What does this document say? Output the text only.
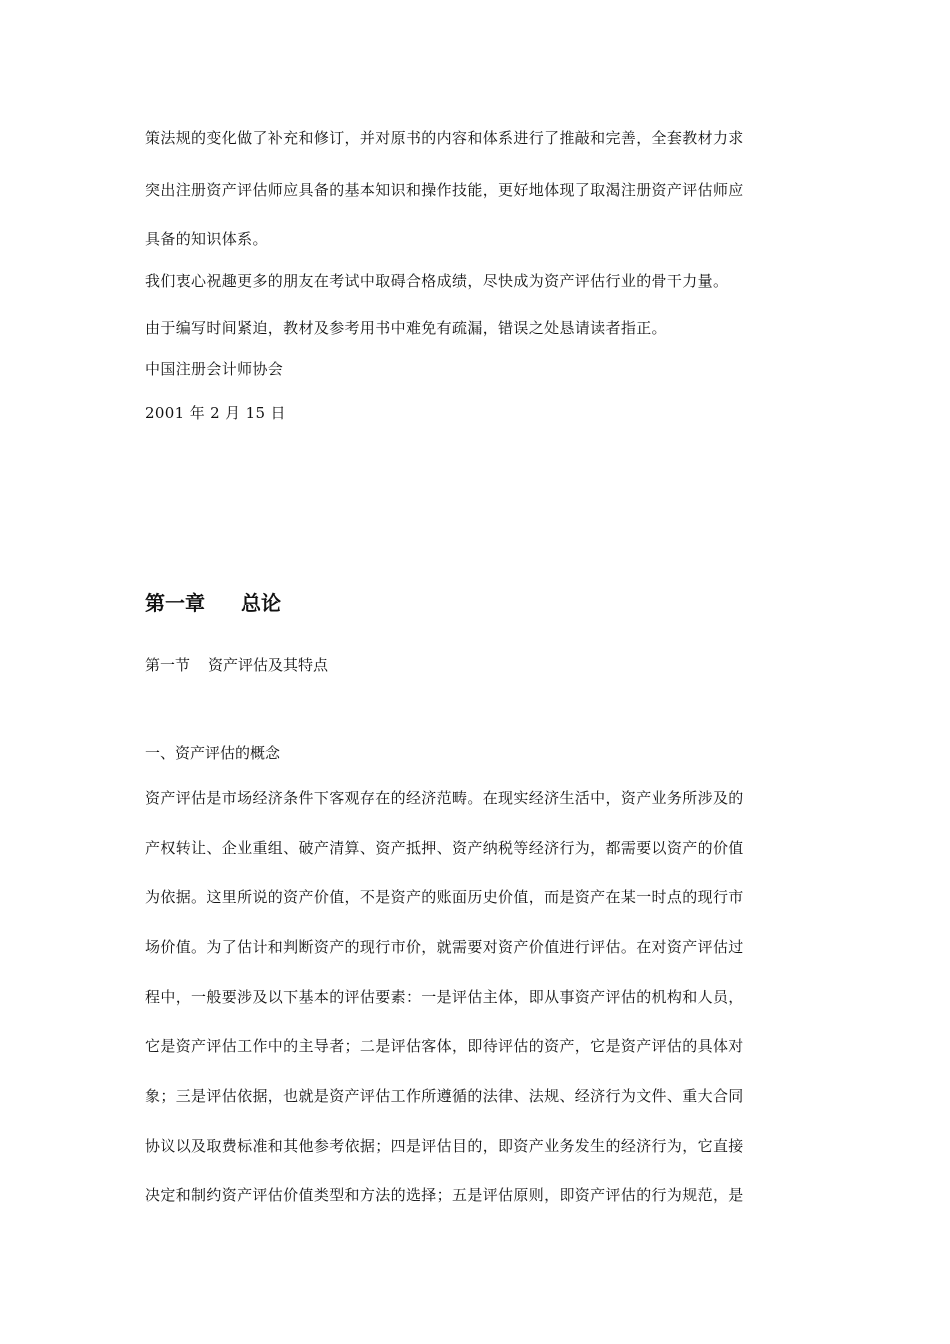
策法规的变化做了补充和修订，并对原书的内容和体系进行了推敲和完善，全套教材力求
突出注册资产评估师应具备的基本知识和操作技能，更好地体现了取渴注册资产评估师应
具备的知识体系。
我们衷心祝趣更多的朋友在考试中取碍合格成绩，尽快成为资产评估行业的骨干力量。
由于编写时间紧迫，教材及参考用书中难免有疏漏，错误之处恳请读者指正。
中国注册会计师协会
2001 年 2 月 15 日
第一章 总论
第一节 资产评估及其特点
一、资产评估的概念
资产评估是市场经济条件下客观存在的经济范畴。在现实经济生活中，资产业务所涉及的
产权转让、企业重组、破产清算、资产抵押、资产纳税等经济行为，都需要以资产的价值
为依据。这里所说的资产价值，不是资产的账面历史价值，而是资产在某一时点的现行市
场价值。为了估计和判断资产的现行市价，就需要对资产价值进行评估。在对资产评估过
程中，一般要涉及以下基本的评估要素：一是评估主体，即从事资产评估的机构和人员，
它是资产评估工作中的主导者；二是评估客体，即待评估的资产，它是资产评估的具体对
象；三是评估依据，也就是资产评估工作所遵循的法律、法规、经济行为文件、重大合同
协议以及取费标准和其他参考依据；四是评估目的，即资产业务发生的经济行为，它直接
决定和制约资产评估价值类型和方法的选择；五是评估原则，即资产评估的行为规范，是
